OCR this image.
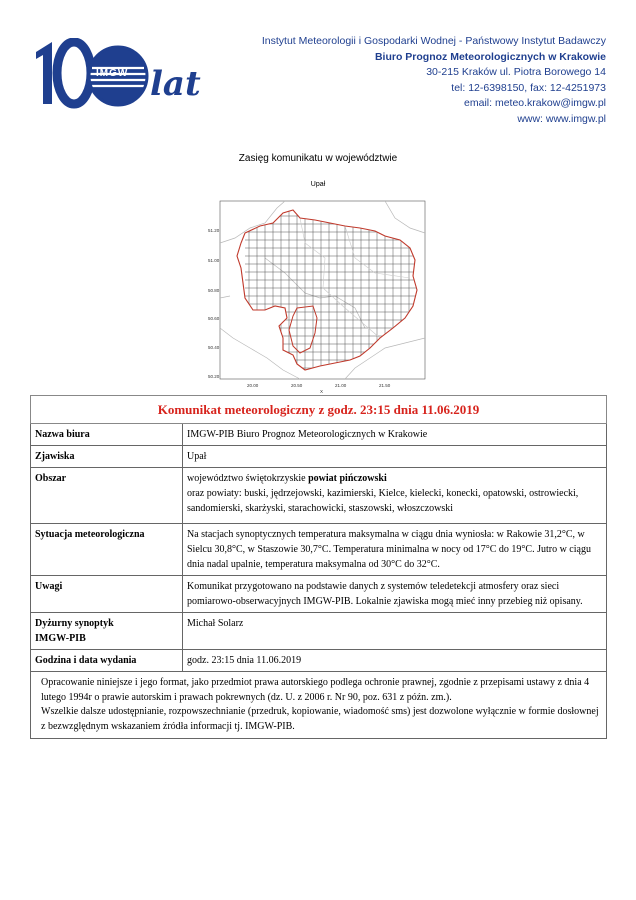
lat
IMGW
Instytut Meteorologii i Gospodarki Wodnej - Państwowy Instytut Badawczy
Biuro Prognoz Meteorologicznych w Krakowie
30-215 Kraków ul. Piotra Borowego 14
tel: 12-6398150, fax: 12-4251973
email: meteo.krakow@imgw.pl
www: www.imgw.pl
Zasięg komunikatu w województwie
Upał
51.20
51.00
50.80
50.60
50.40
50.20
20.00	20.50	21.00	21.50
X
Komunikat meteorologiczny z godz. 23:15 dnia 11.06.2019	
Nazwa biura	IMGW-PIB Biuro Prognoz Meteorologicznych w Krakowie
Zjawiska	Upał
Obszar	województwo świętokrzyskie powiat pińczowski
oraz powiaty: buski, jędrzejowski, kazimierski, Kielce, kielecki, konecki, opatowski, ostrowiecki, sandomierski, skarżyski, starachowicki, staszowski, włoszczowski
Sytuacja meteorologiczna	Na stacjach synoptycznych temperatura maksymalna w ciągu dnia wyniosła: w Rakowie 31,2°C, w Sielcu 30,8°C, w Staszowie 30,7°C. Temperatura minimalna w nocy od 17°C do 19°C. Jutro w ciągu dnia nadal upalnie, temperatura maksymalna od 30°C do 32°C.
Uwagi	Komunikat przygotowano na podstawie danych z systemów teledetekcji atmosfery oraz sieci pomiarowo-obserwacyjnych IMGW-PIB. Lokalnie zjawiska mogą mieć inny przebieg niż opisany.
Dyżurny synoptyk
IMGW-PIB	Michał Solarz
Godzina i data wydania	godz. 23:15 dnia 11.06.2019

Opracowanie niniejsze i jego format, jako przedmiot prawa autorskiego podlega ochronie prawnej, zgodnie z przepisami ustawy z dnia 4 lutego 1994r o prawie autorskim i prawach pokrewnych (dz. U. z 2006 r. Nr 90, poz. 631 z późn. zm.).
Wszelkie dalsze udostępnianie, rozpowszechnianie (przedruk, kopiowanie, wiadomość sms) jest dozwolone wyłącznie w formie dosłownej z bezwzględnym wskazaniem źródła informacji tj. IMGW-PIB.	
